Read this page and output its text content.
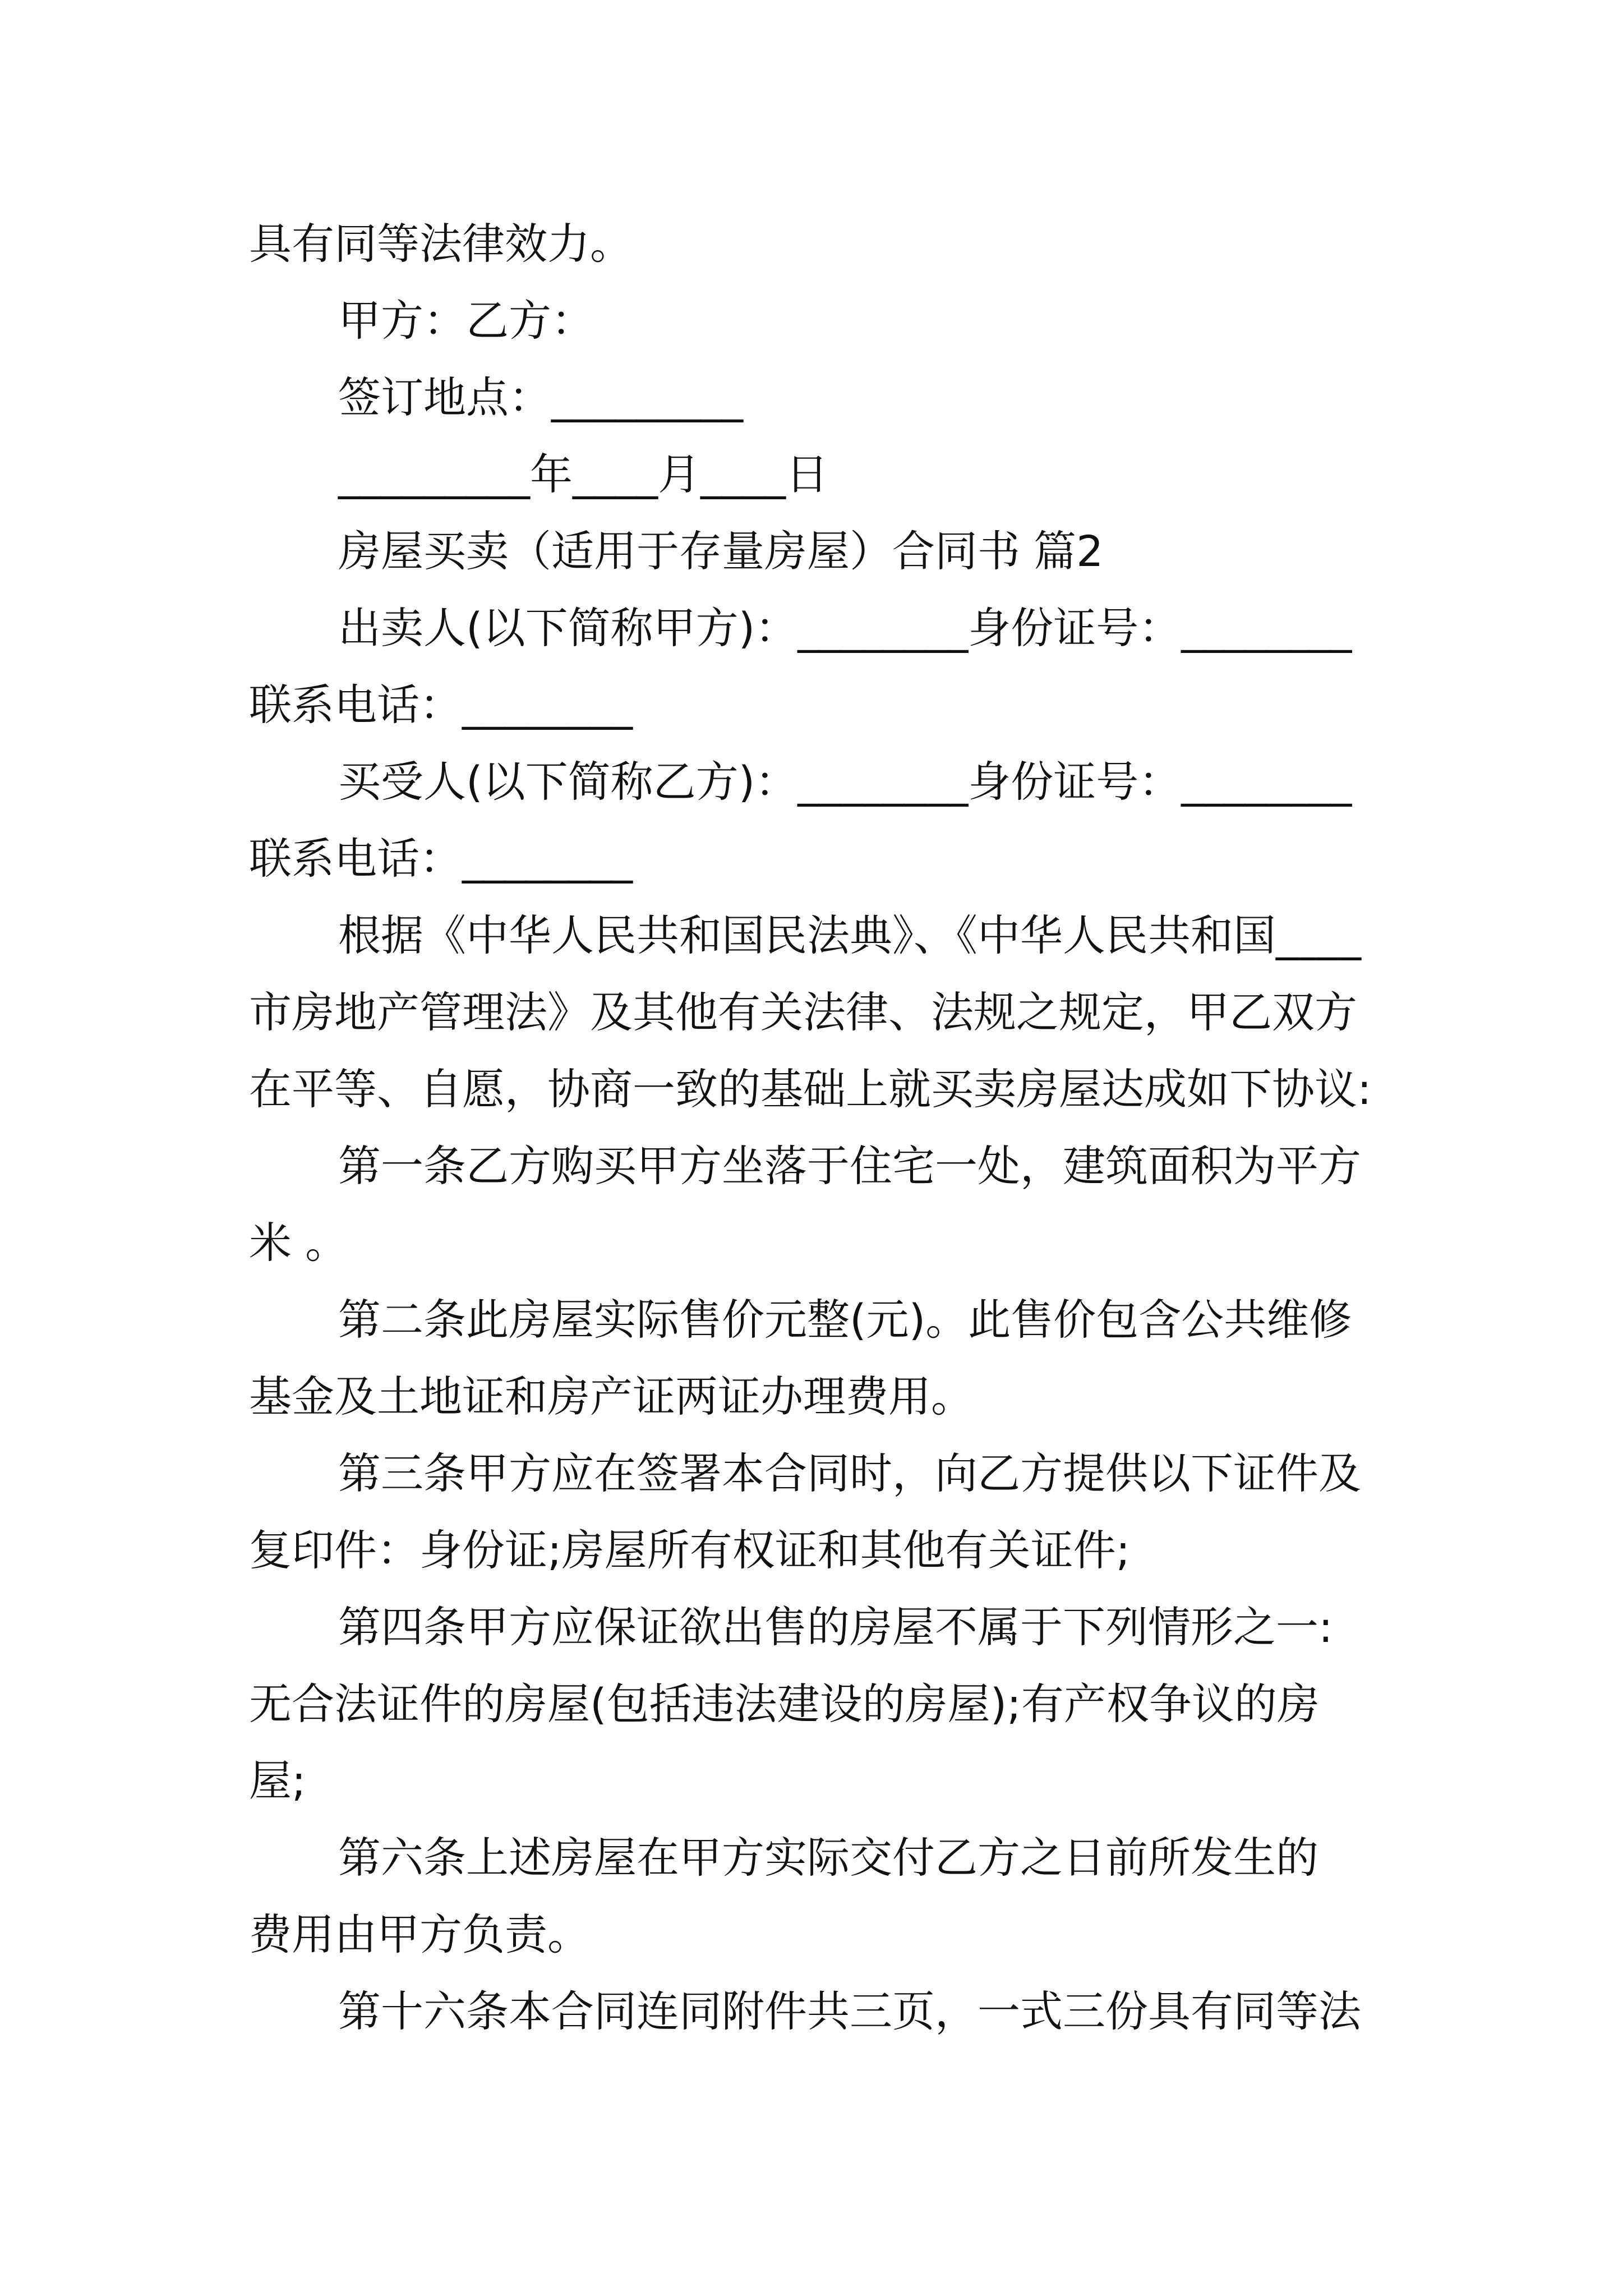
具有同等法律效力。
甲方：乙方：
签订地点：_________
_________年____月____日
房屋买卖（适用于存量房屋）合同书 篇2
出卖人(以下简称甲方)：________身份证号：________
联系电话：________
买受人(以下简称乙方)：________身份证号：________
联系电话：________
根据《中华人民共和国民法典》、《中华人民共和国____
市房地产管理法》及其他有关法律、法规之规定，甲乙双方
在平等、自愿，协商一致的基础上就买卖房屋达成如下协议:
第一条乙方购买甲方坐落于住宅一处，建筑面积为平方
米 。
第二条此房屋实际售价元整(元)。此售价包含公共维修
基金及土地证和房产证两证办理费用。
第三条甲方应在签署本合同时，向乙方提供以下证件及
复印件：身份证;房屋所有权证和其他有关证件;
第四条甲方应保证欲出售的房屋不属于下列情形之一:
无合法证件的房屋(包括违法建设的房屋);有产权争议的房
屋;
第六条上述房屋在甲方实际交付乙方之日前所发生的
费用由甲方负责。
第十六条本合同连同附件共三页，一式三份具有同等法
